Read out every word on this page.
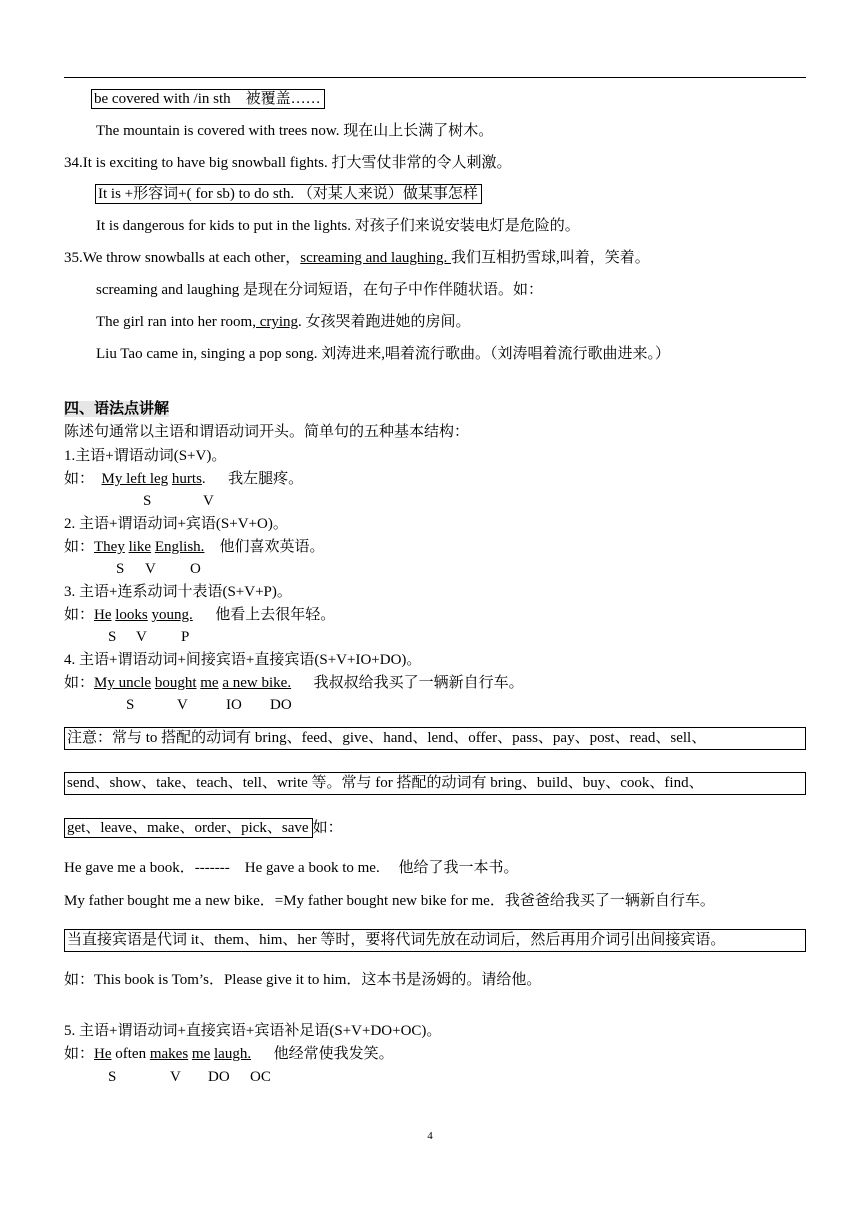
be covered with /in sth　被覆盖……
The mountain is covered with trees now. 现在山上长满了树木。
34.It is exciting to have big snowball fights. 打大雪仗非常的令人刺激。
It is +形容词+( for sb) to do sth. （对某人来说）做某事怎样
It is dangerous for kids to put in the lights. 对孩子们来说安装电灯是危险的。
35.We throw snowballs at each other，screaming and laughing. 我们互相扔雪球,叫着，笑着。
screaming and laughing 是现在分词短语，在句子中作伴随状语。如：
The girl ran into her room, crying. 女孩哭着跑进她的房间。
Liu Tao came in, singing a pop song. 刘涛进来,唱着流行歌曲。（刘涛唱着流行歌曲进来。）
四、语法点讲解
陈述句通常以主语和谓语动词开头。简单句的五种基本结构：
1.主语+谓语动词(S+V)。
如： My left leg hurts. 我左腿疼。
S	V
2. 主语+谓语动词+宾语(S+V+O)。
如：They like English. 他们喜欢英语。
S V O
3. 主语+连系动词十表语(S+V+P)。
如：He looks young. 他看上去很年轻。
S V P
4. 主语+谓语动词+间接宾语+直接宾语(S+V+IO+DO)。
如：My uncle bought me a new bike. 我叔叔给我买了一辆新自行车。
S	V	IO DO
注意：常与 to 搭配的动词有 bring、feed、give、hand、lend、offer、pass、pay、post、read、sell、
send、show、take、teach、tell、write 等。常与 for 搭配的动词有 bring、build、buy、cook、find、
get、leave、make、order、pick、save 如：
He gave me a book．-------　He gave a book to me.　 他给了我一本书。
My father bought me a new bike．=My father bought new bike for me．我爸爸给我买了一辆新自行车。
当直接宾语是代词 it、them、him、her 等时，要将代词先放在动词后，然后再用介词引出间接宾语。
如：This book is Tom’s．Please give it to him．这本书是汤姆的。请给他。
5. 主语+谓语动词+直接宾语+宾语补足语(S+V+DO+OC)。
如：He often makes me laugh. 他经常使我发笑。
S	V DO OC
4
